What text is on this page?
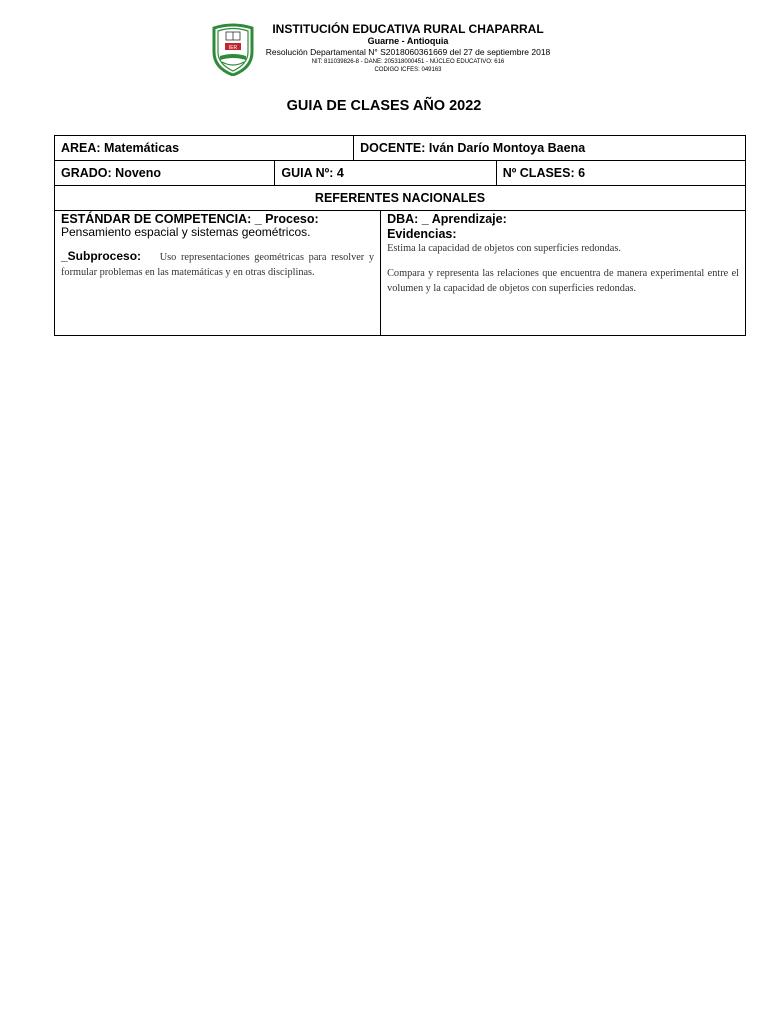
IER
INSTITUCIÓN EDUCATIVA RURAL CHAPARRAL
Guarne - Antioquia
Resolución Departamental N° S2018060361669 del 27 de septiembre 2018
NIT: 811039826-8 - DANE: 205318000451 - NÚCLEO EDUCATIVO: 616
CODIGO ICFES: 049163
GUIA DE CLASES AÑO 2022
AREA: Matemáticas	DOCENTE: Iván Darío Montoya Baena
GRADO: Noveno	GUIA Nº: 4	Nº CLASES: 6
REFERENTES NACIONALES
ESTÁNDAR DE COMPETENCIA: _ Proceso:
Pensamiento espacial y sistemas geométricos.
_Subproceso: Uso representaciones geométricas para resolver y formular problemas en las matemáticas y en otras disciplinas.
DBA: _ Aprendizaje:
Evidencias:
Estima la capacidad de objetos con superficies redondas.
Compara y representa las relaciones que encuentra de manera experimental entre el volumen y la capacidad de objetos con superficies redondas.
